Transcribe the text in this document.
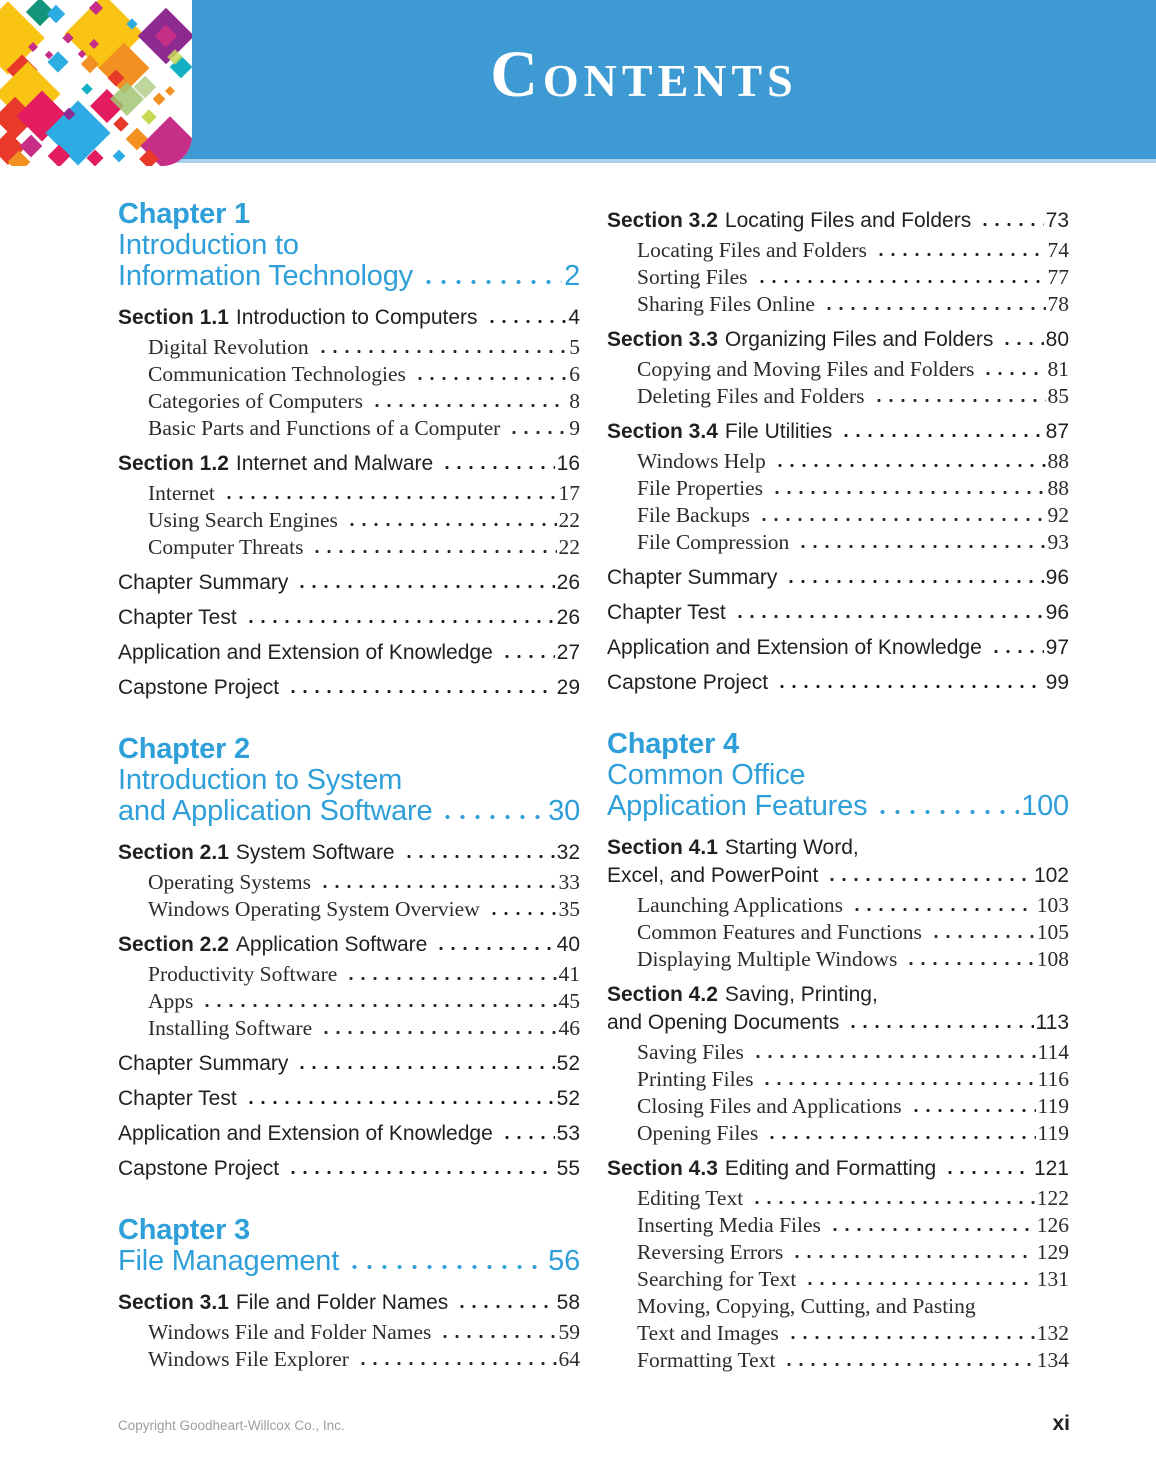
Contents
Chapter 1
Introduction to
Information Technology	2
Section 1.1 Introduction to Computers	4
Digital Revolution	5
Communication Technologies	6
Categories of Computers	8
Basic Parts and Functions of a Computer	9
Section 1.2 Internet and Malware	16
Internet	17
Using Search Engines	22
Computer Threats	22
Chapter Summary	26
Chapter Test	26
Application and Extension of Knowledge	27
Capstone Project	29
Chapter 2
Introduction to System
and Application Software	30
Section 2.1 System Software	32
Operating Systems	33
Windows Operating System Overview	35
Section 2.2 Application Software	40
Productivity Software	41
Apps	45
Installing Software	46
Chapter Summary	52
Chapter Test	52
Application and Extension of Knowledge	53
Capstone Project	55
Chapter 3
File Management	56
Section 3.1 File and Folder Names	58
Windows File and Folder Names	59
Windows File Explorer	64
Section 3.2 Locating Files and Folders	73
Locating Files and Folders	74
Sorting Files	77
Sharing Files Online	78
Section 3.3 Organizing Files and Folders 80
Copying and Moving Files and Folders	81
Deleting Files and Folders	85
Section 3.4 File Utilities	87
Windows Help	88
File Properties	88
File Backups	92
File Compression	93
Chapter Summary	96
Chapter Test	96
Application and Extension of Knowledge	97
Capstone Project	99
Chapter 4
Common Office
Application Features	100
Section 4.1 Starting Word,
Excel, and PowerPoint	102
Launching Applications	103
Common Features and Functions	105
Displaying Multiple Windows	108
Section 4.2 Saving, Printing,
and Opening Documents	113
Saving Files	114
Printing Files	116
Closing Files and Applications	119
Opening Files	119
Section 4.3 Editing and Formatting	121
Editing Text	122
Inserting Media Files	126
Reversing Errors	129
Searching for Text	131
Moving, Copying, Cutting, and Pasting
Text and Images	132
Formatting Text	134
Copyright Goodheart-Willcox Co., Inc.	xi
